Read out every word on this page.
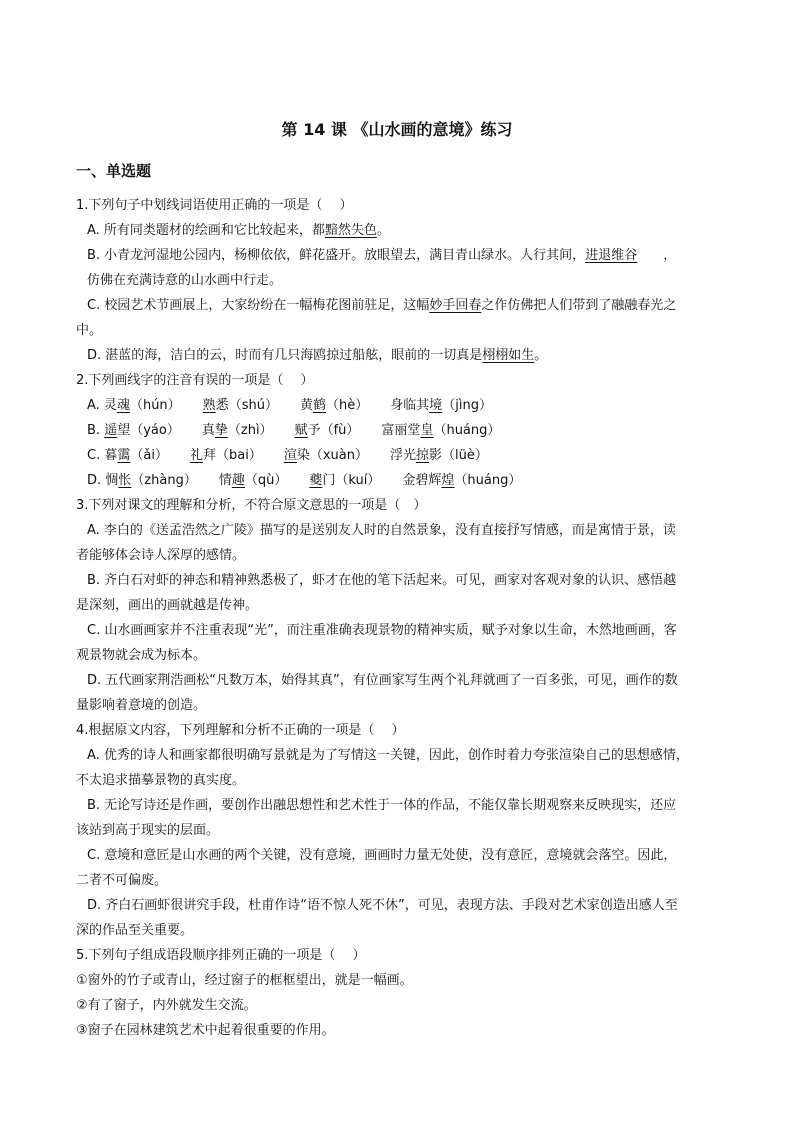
第 14 课 《山水画的意境》练习
一、单选题
1.下列句子中划线词语使用正确的一项是（　 ）
A. 所有同类题材的绘画和它比较起来，都黯然失色。
B. 小青龙河湿地公园内，杨柳依依，鲜花盛开。放眼望去，满目青山绿水。人行其间，进退维谷 ，
仿佛在充满诗意的山水画中行走。
C. 校园艺术节画展上，大家纷纷在一幅梅花图前驻足，这幅妙手回春之作仿佛把人们带到了融融春光之
中。
D. 湛蓝的海，洁白的云，时而有几只海鸥掠过船舷，眼前的一切真是栩栩如生。
2.下列画线字的注音有误的一项是（　 ）
A. 灵魂（hún） 熟悉（shú） 黄鹤（hè） 身临其境（jìng）
B. 遥望（yáo） 真挚（zhì） 赋予（fù） 富丽堂皇（huáng）
C. 暮霭（ǎi） 礼拜（bai） 渲染（xuàn） 浮光掠影（lüè）
D. 惆怅（zhàng） 情趣（qù） 夔门（kuí） 金碧辉煌（huáng）
3.下列对课文的理解和分析，不符合原文意思的一项是（　）
A. 李白的《送孟浩然之广陵》描写的是送别友人时的自然景象，没有直接抒写情感，而是寓情于景，读
者能够体会诗人深厚的感情。
B. 齐白石对虾的神态和精神熟悉极了，虾才在他的笔下活起来。可见，画家对客观对象的认识、感悟越
是深刻，画出的画就越是传神。
C. 山水画画家并不注重表现“光”，而注重准确表现景物的精神实质，赋予对象以生命，木然地画画，客
观景物就会成为标本。
D. 五代画家荆浩画松“凡数万本，始得其真”，有位画家写生两个礼拜就画了一百多张，可见，画作的数
量影响着意境的创造。
4.根据原文内容，下列理解和分析不正确的一项是（　 ）
A. 优秀的诗人和画家都很明确写景就是为了写情这一关键，因此，创作时着力夸张渲染自己的思想感情，
不太追求描摹景物的真实度。
B. 无论写诗还是作画，要创作出融思想性和艺术性于一体的作品，不能仅靠长期观察来反映现实，还应
该站到高于现实的层面。
C. 意境和意匠是山水画的两个关键，没有意境，画画时力量无处使，没有意匠，意境就会落空。因此，
二者不可偏废。
D. 齐白石画虾很讲究手段，杜甫作诗“语不惊人死不休”，可见，表现方法、手段对艺术家创造出感人至
深的作品至关重要。
5.下列句子组成语段顺序排列正确的一项是（　 ）
①窗外的竹子或青山，经过窗子的框框望出，就是一幅画。
②有了窗子，内外就发生交流。
③窗子在园林建筑艺术中起着很重要的作用。
